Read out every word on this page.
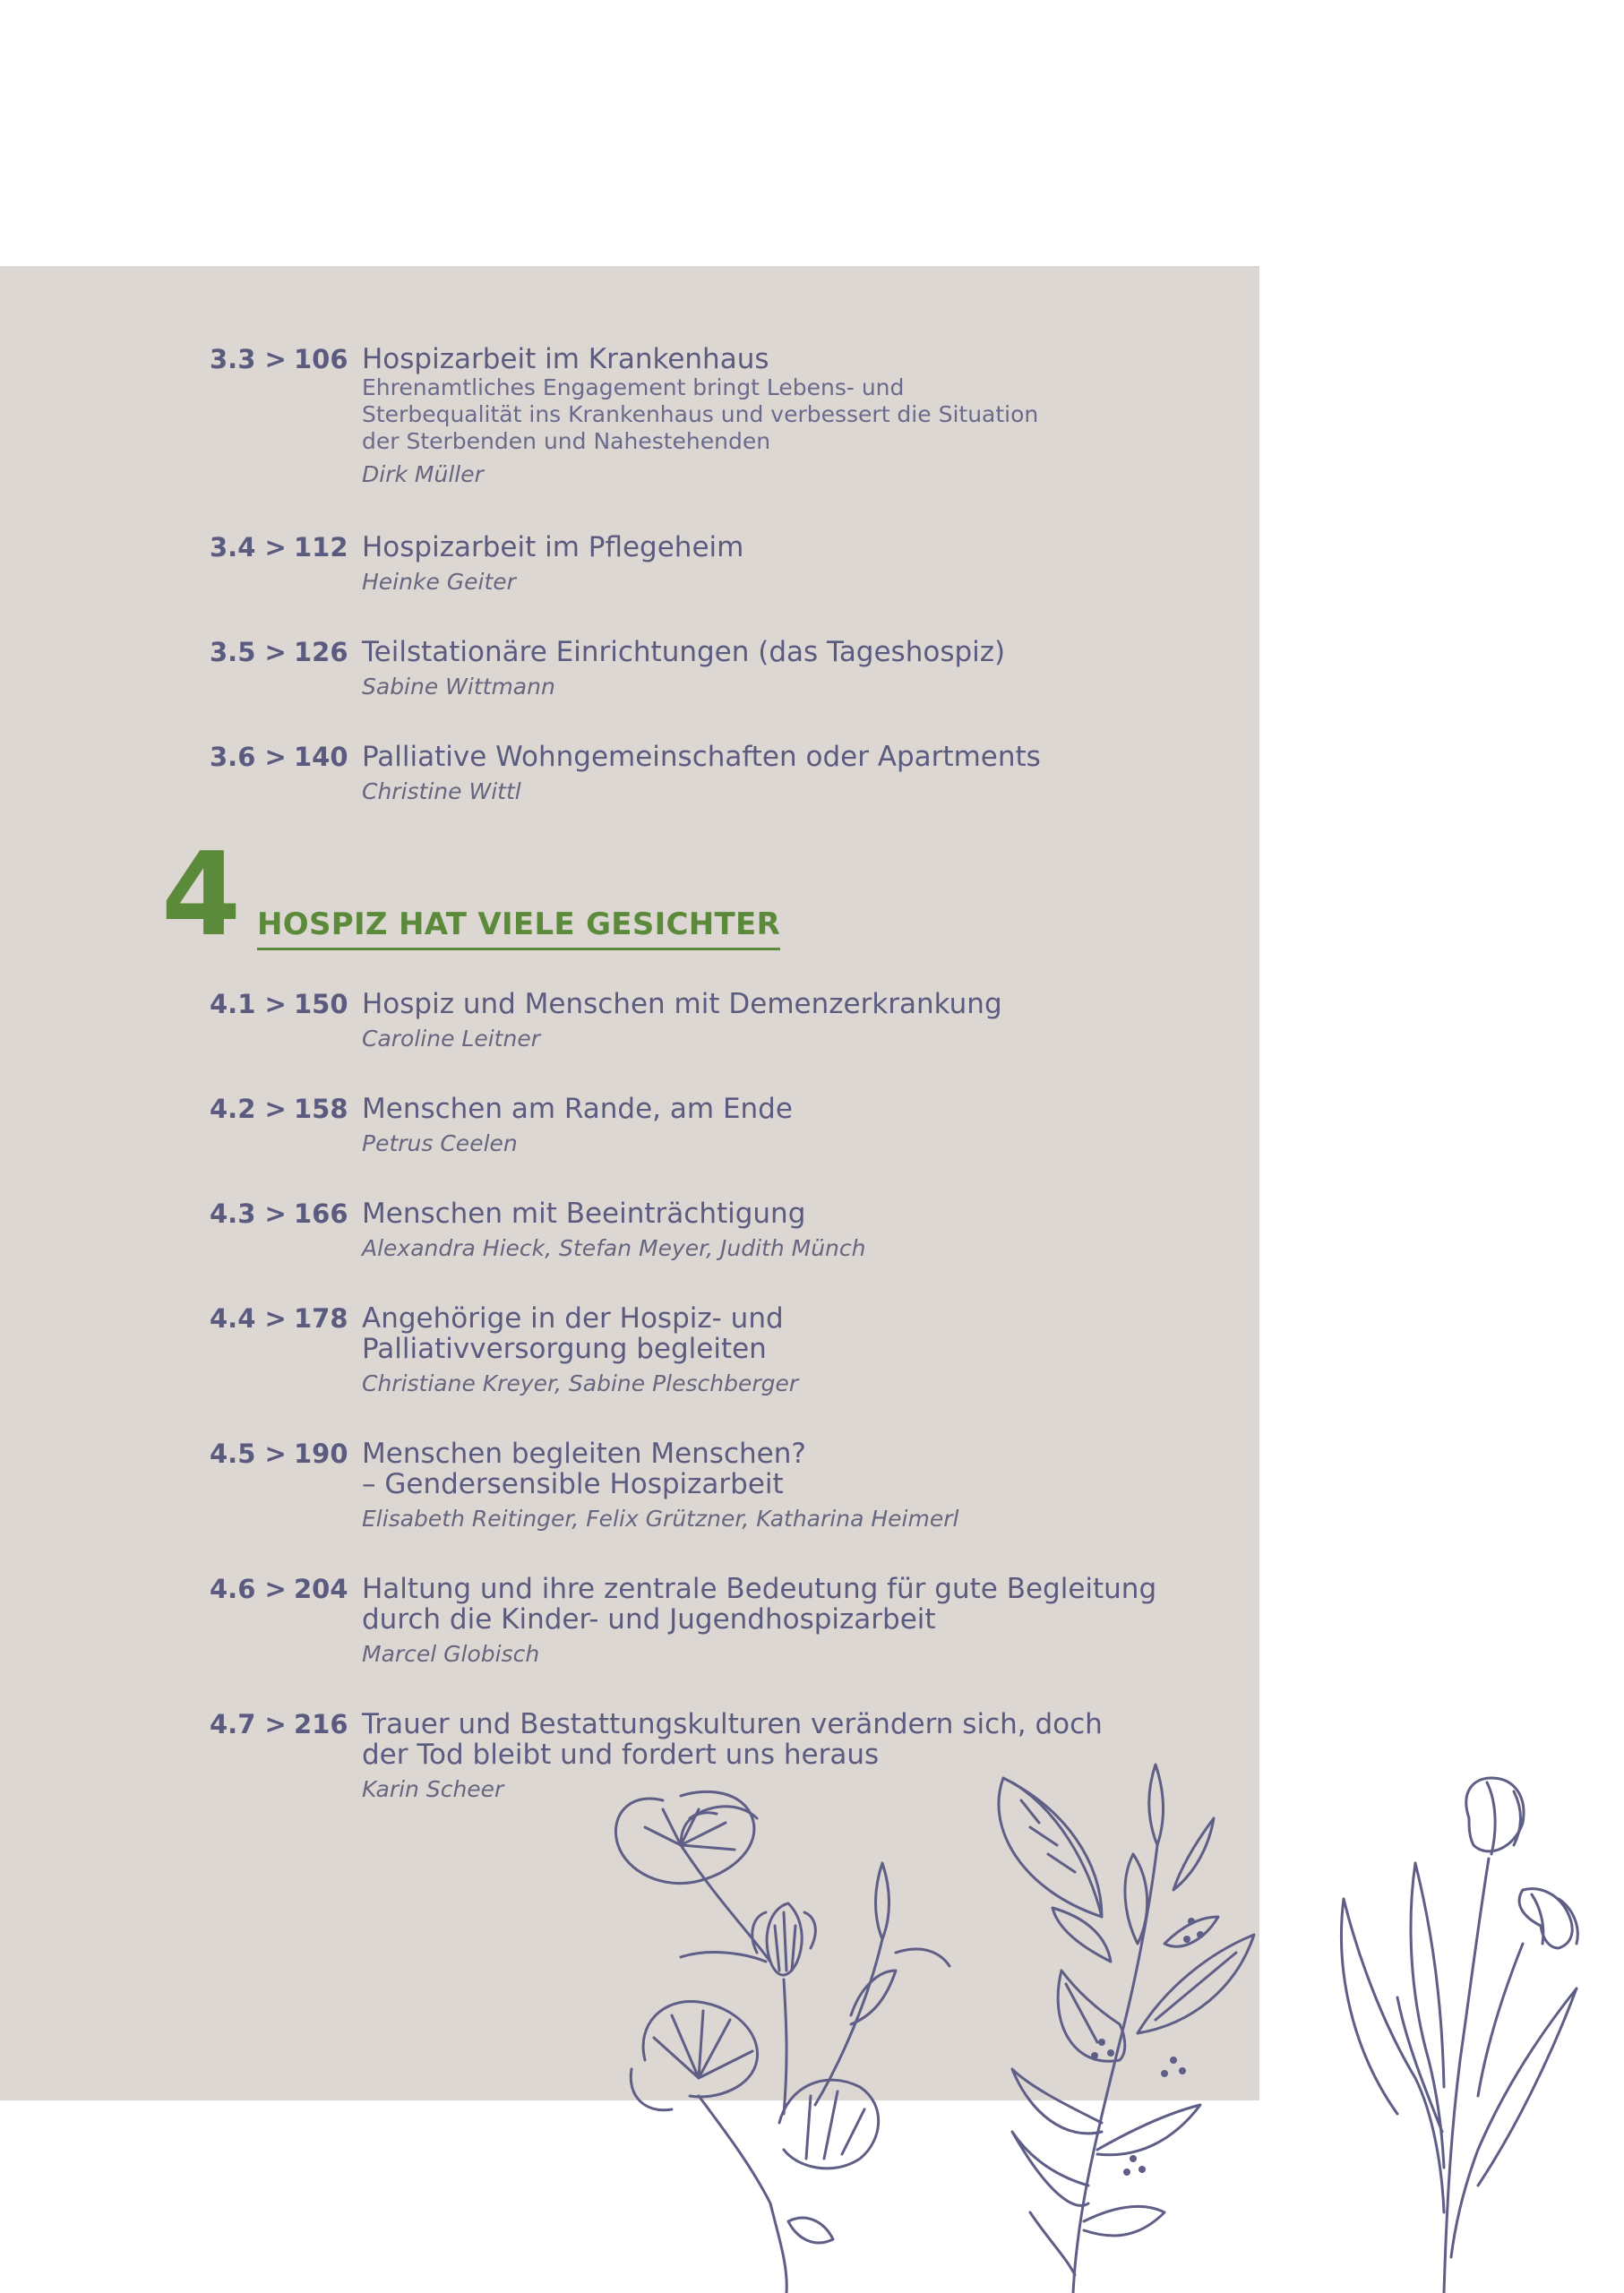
3.3 > 106 Hospizarbeit im Krankenhaus
Ehrenamtliches Engagement bringt Lebens- und
Sterbequalität ins Krankenhaus und verbessert die Situation
der Sterbenden und Nahestehenden
Dirk Müller
3.4 > 112 Hospizarbeit im Pflegeheim
Heinke Geiter
3.5 > 126 Teilstationäre Einrichtungen (das Tageshospiz)
Sabine Wittmann
3.6 > 140 Palliative Wohngemeinschaften oder Apartments
Christine Wittl
4 HOSPIZ HAT VIELE GESICHTER
4.1 > 150 Hospiz und Menschen mit Demenzerkrankung
Caroline Leitner
4.2 > 158 Menschen am Rande, am Ende
Petrus Ceelen
4.3 > 166 Menschen mit Beeinträchtigung
Alexandra Hieck, Stefan Meyer, Judith Münch
4.4 > 178 Angehörige in der Hospiz- und
Palliativversorgung begleiten
Christiane Kreyer, Sabine Pleschberger
4.5 > 190 Menschen begleiten Menschen?
– Gendersensible Hospizarbeit
Elisabeth Reitinger, Felix Grützner, Katharina Heimerl
4.6 > 204 Haltung und ihre zentrale Bedeutung für gute Begleitung
durch die Kinder- und Jugendhospizarbeit
Marcel Globisch
4.7 > 216 Trauer und Bestattungskulturen verändern sich, doch
der Tod bleibt und fordert uns heraus
Karin Scheer
